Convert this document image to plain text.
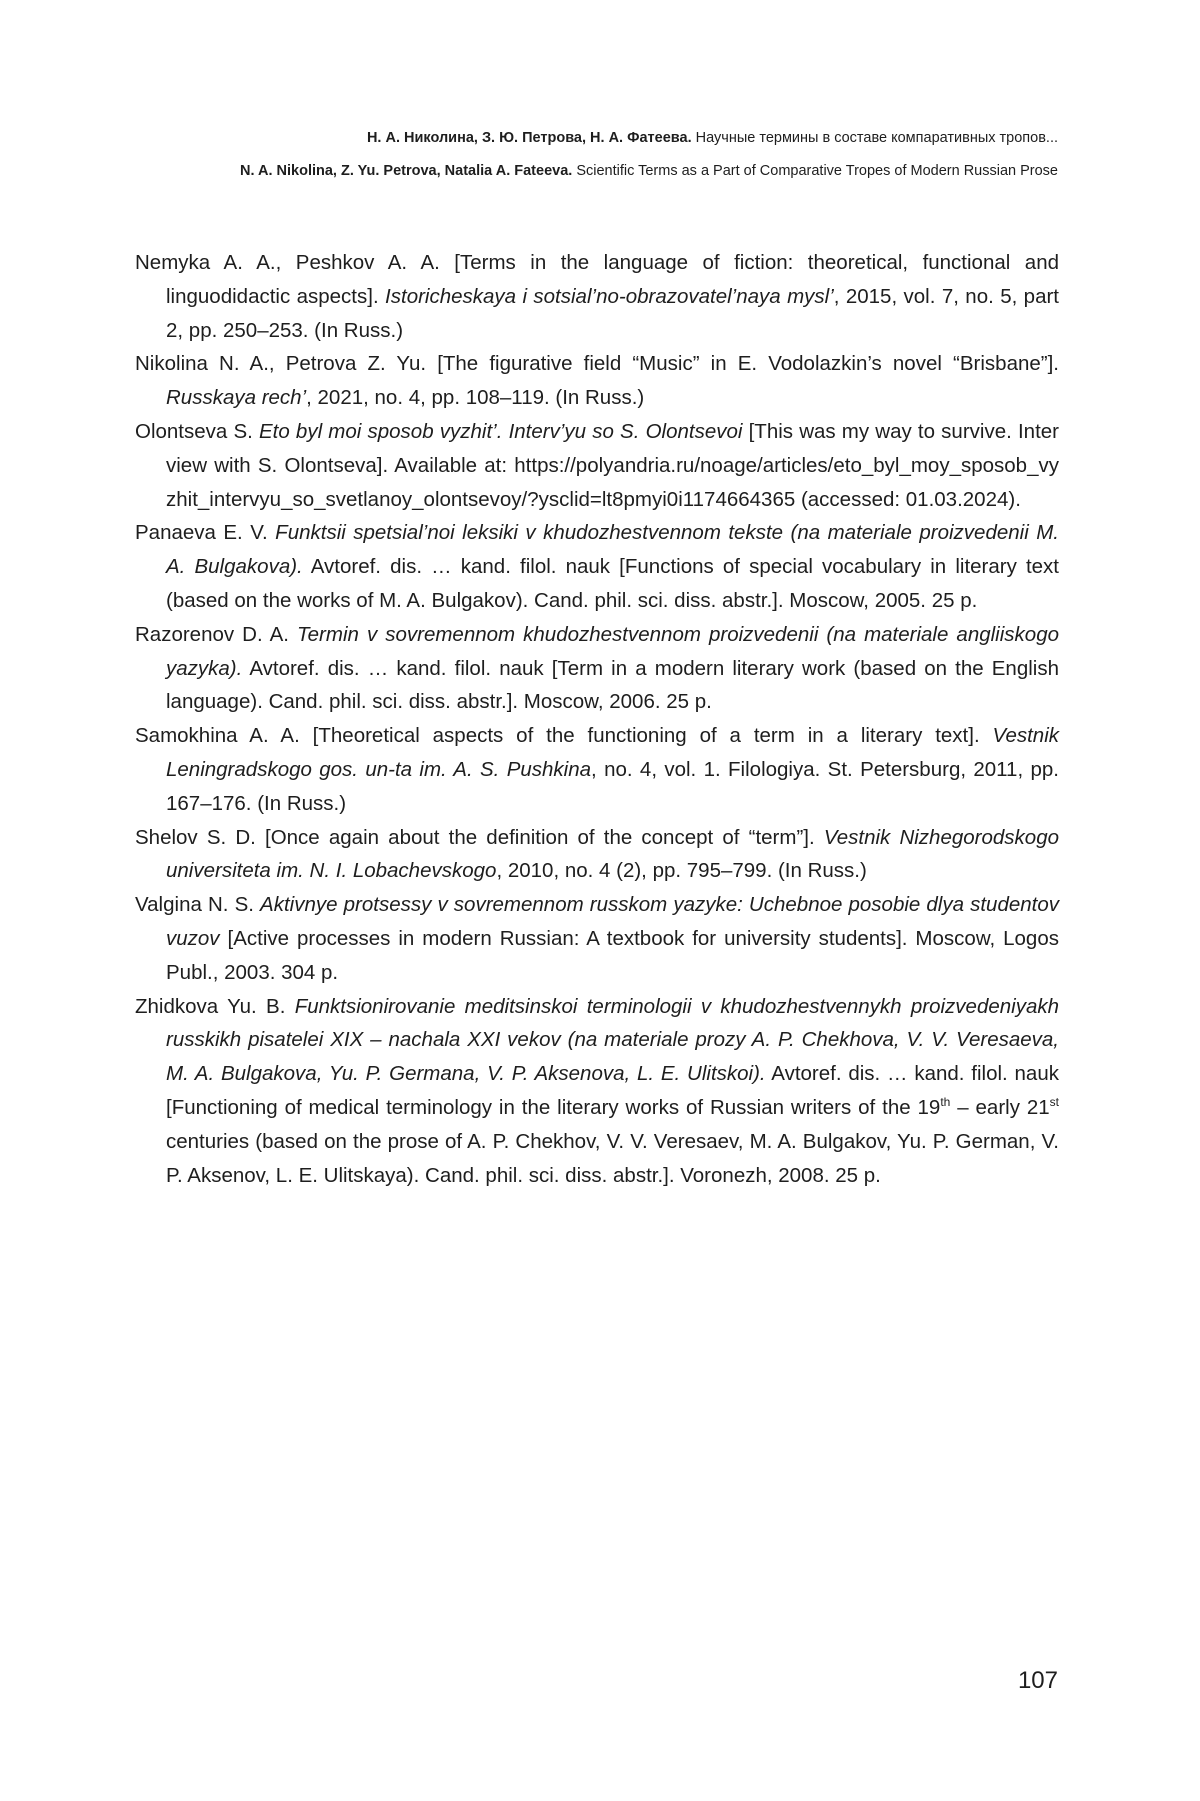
Н. А. Николина, З. Ю. Петрова, Н. А. Фатеева. Научные термины в составе компаративных тропов...
N. A. Nikolina, Z. Yu. Petrova, Natalia A. Fateeva. Scientific Terms as a Part of Comparative Tropes of Modern Russian Prose

Nemyka A. A., Peshkov A. A. [Terms in the language of fiction: theoretical, functional and linguodidactic aspects]. Istoricheskaya i sotsial’no-obrazovatel’naya mysl’, 2015, vol. 7, no. 5, part 2, pp. 250–253. (In Russ.)

Nikolina N. A., Petrova Z. Yu. [The figurative field “Music” in E. Vodolazkin’s novel “Brisbane”]. Russkaya rech’, 2021, no. 4, pp. 108–119. (In Russ.)

Olontseva S. Eto byl moi sposob vyzhit’. Interv’yu so S. Olontsevoi [This was my way to survive. Interview with S. Olontseva]. Available at: https://polyandria.ru/noage/articles/eto_byl_moy_sposob_vyzhit_intervyu_so_svetlanoy_olontsevoy/?ysclid=lt8pmyi0i1174664365 (accessed: 01.03.2024).

Panaeva E. V. Funktsii spetsial’noi leksiki v khudozhestvennom tekste (na materiale proizvedenii M. A. Bulgakova). Avtoref. dis. … kand. filol. nauk [Functions of special vocabulary in literary text (based on the works of M. A. Bulgakov). Cand. phil. sci. diss. abstr.]. Moscow, 2005. 25 p.

Razorenov D. A. Termin v sovremennom khudozhestvennom proizvedenii (na materiale angliiskogo yazyka). Avtoref. dis. … kand. filol. nauk [Term in a modern literary work (based on the English language). Cand. phil. sci. diss. abstr.]. Moscow, 2006. 25 p.

Samokhina A. A. [Theoretical aspects of the functioning of a term in a literary text]. Vestnik Leningradskogo gos. un-ta im. A. S. Pushkina, no. 4, vol. 1. Filologiya. St. Petersburg, 2011, pp. 167–176. (In Russ.)

Shelov S. D. [Once again about the definition of the concept of “term”]. Vestnik Nizhegorodskogo universiteta im. N. I. Lobachevskogo, 2010, no. 4 (2), pp. 795–799. (In Russ.)

Valgina N. S. Aktivnye protsessy v sovremennom russkom yazyke: Uchebnoe posobie dlya studentov vuzov [Active processes in modern Russian: A textbook for university students]. Moscow, Logos Publ., 2003. 304 p.

Zhidkova Yu. B. Funktsionirovanie meditsinskoi terminologii v khudozhestvennykh proizvedeniyakh russkikh pisatelei XIX – nachala XXI vekov (na materiale prozy A. P. Chekhova, V. V. Veresaeva, M. A. Bulgakova, Yu. P. Germana, V. P. Aksenova, L. E. Ulitskoi). Avtoref. dis. … kand. filol. nauk [Functioning of medical terminology in the literary works of Russian writers of the 19th – early 21st centuries (based on the prose of A. P. Chekhov, V. V. Veresaev, M. A. Bulgakov, Yu. P. German, V. P. Aksenov, L. E. Ulitskaya). Cand. phil. sci. diss. abstr.]. Voronezh, 2008. 25 p.

107
